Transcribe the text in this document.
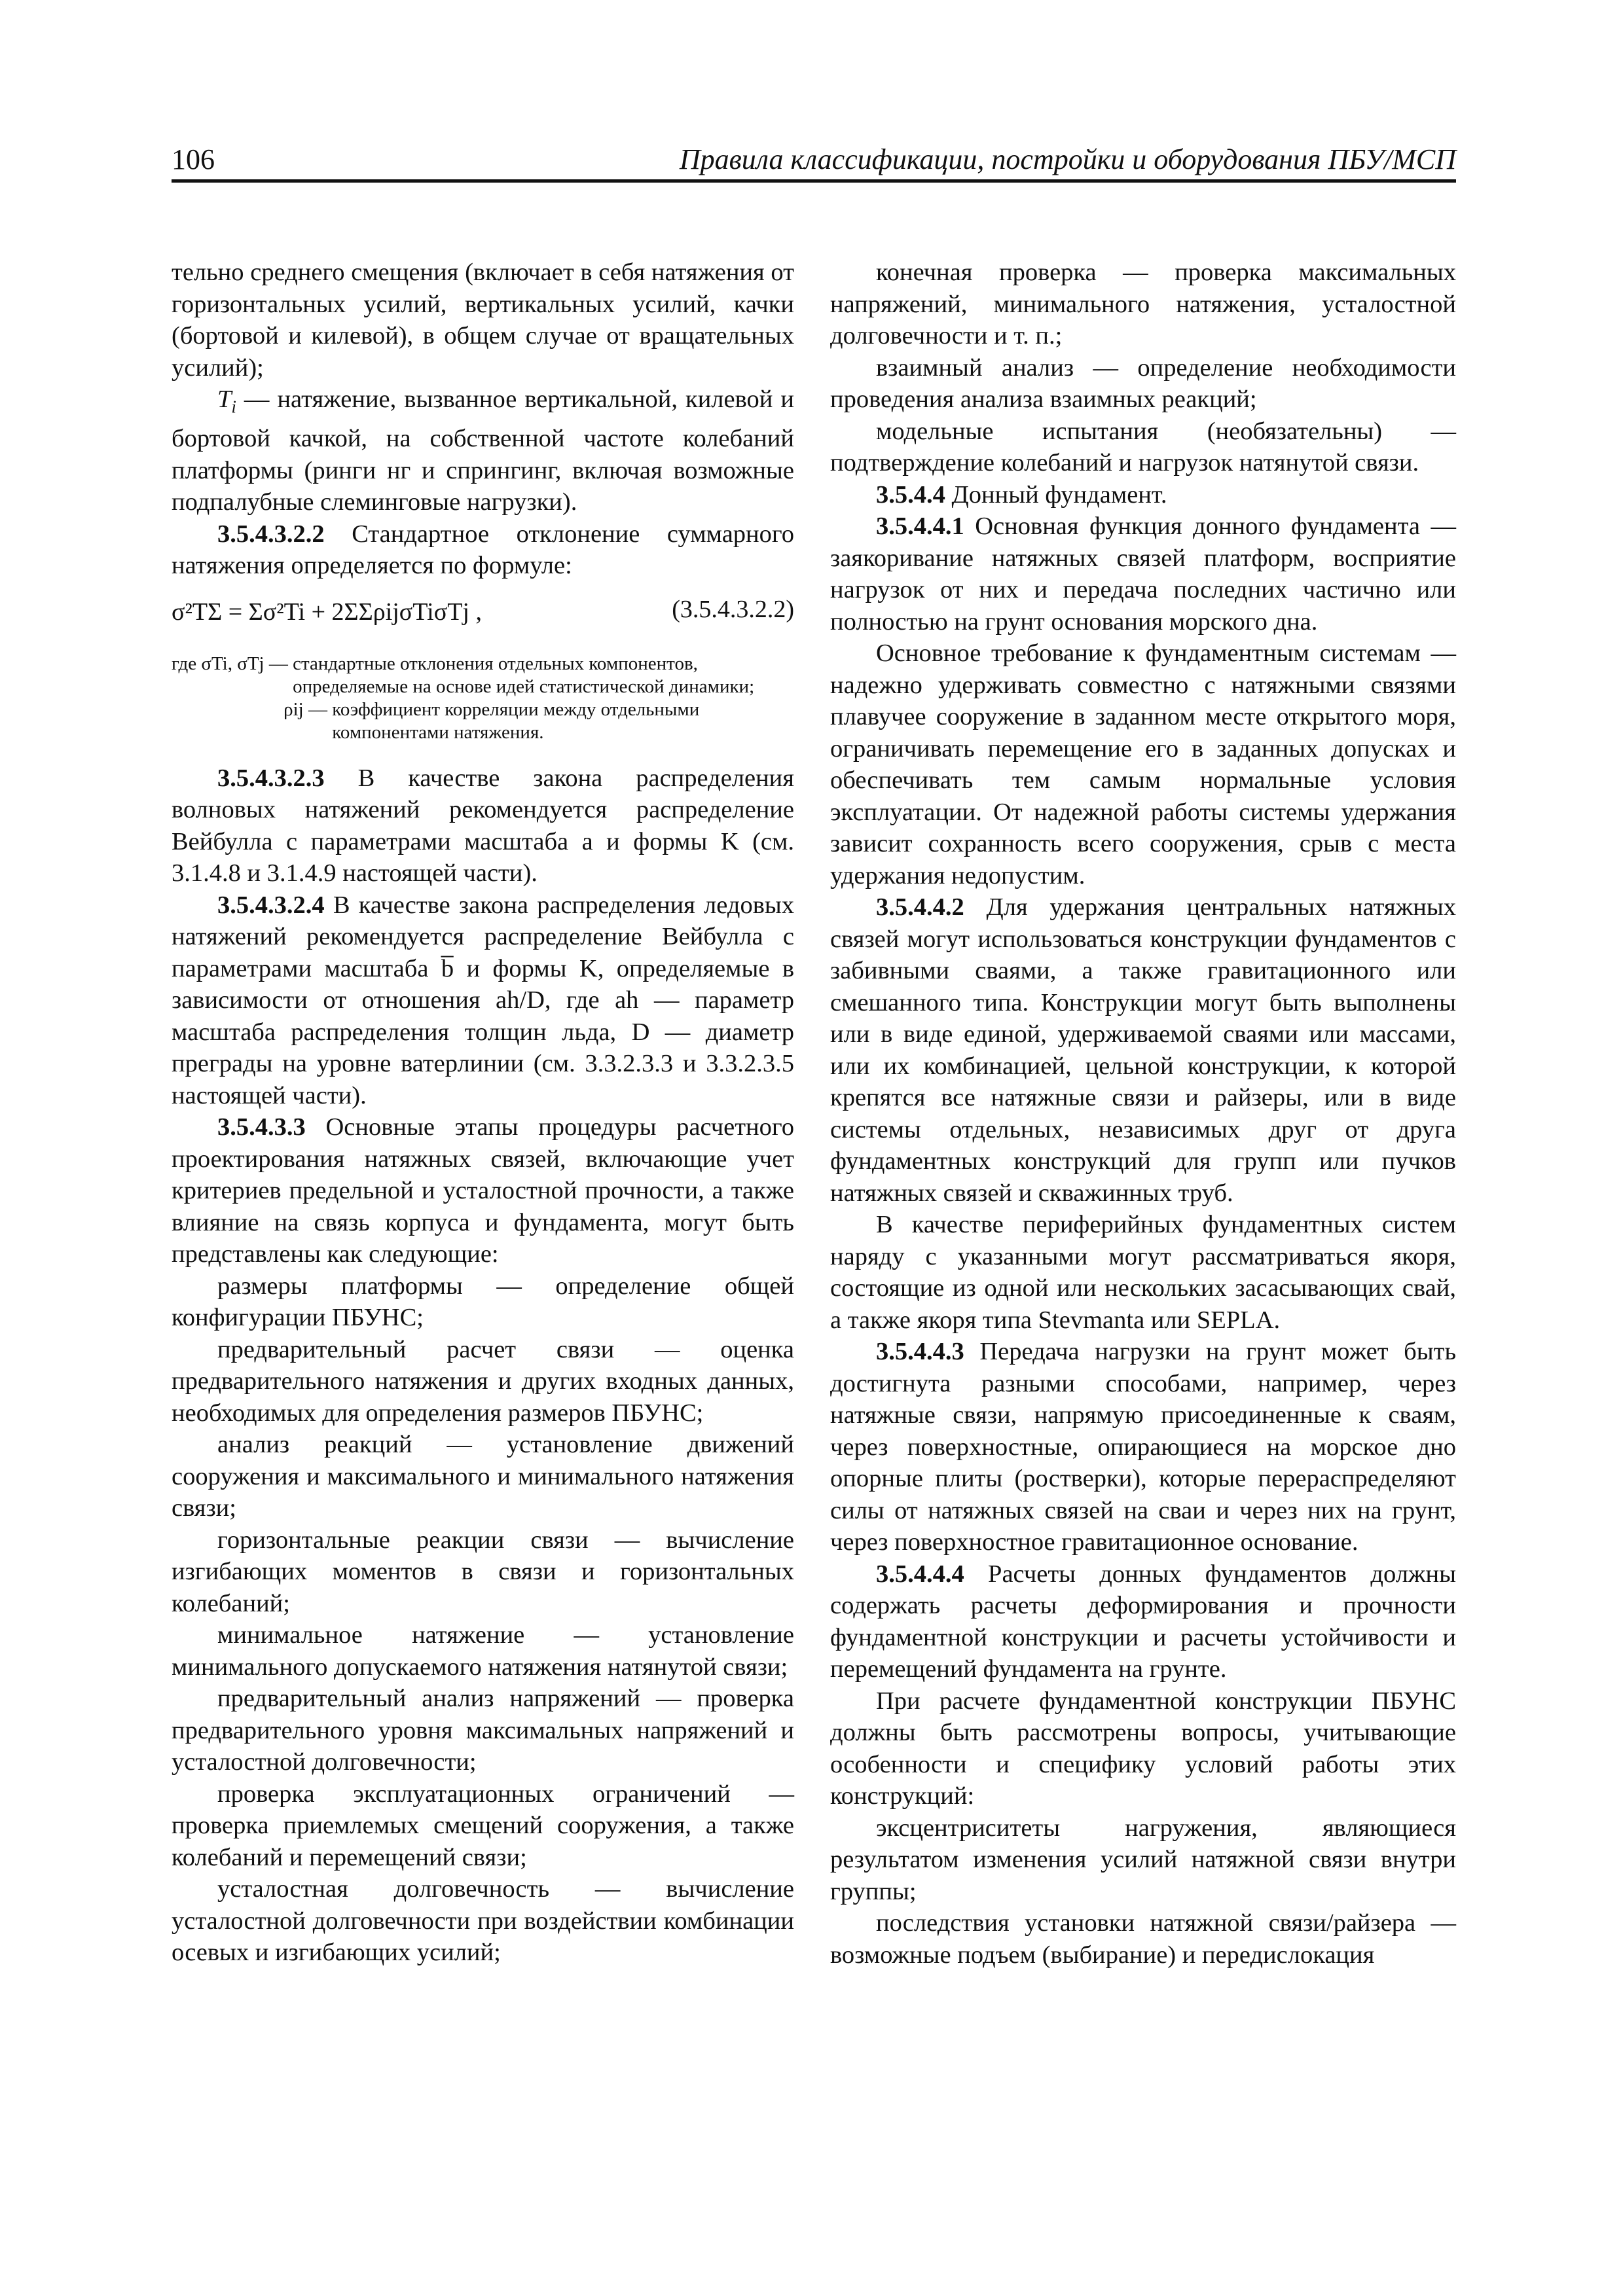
106	Правила классификации, постройки и оборудования ПБУ/МСП

тельно среднего смещения (включает в себя натяжения от горизонтальных усилий, вертикальных усилий, качки (бортовой и килевой), в общем случае от вращательных усилий);

$T_i$ — натяжение, вызванное вертикальной, килевой и бортовой качкой, на собственной частоте колебаний платформы (ринги нг и спрингинг, включая возможные подпалубные слеминговые нагрузки).

3.5.4.3.2.2 Стандартное отклонение суммарного натяжения определяется по формуле:

σ²TΣ = Σσ²Ti + 2ΣΣρijσTiσTj ,	(3.5.4.3.2.2)
где σTi, σTj —
стандартные отклонения отдельных компонентов, определяемые на основе идей статистической динамики;
ρij —
коэффициент корреляции между отдельными компонентами натяжения.

3.5.4.3.2.3 В качестве закона распределения волновых натяжений рекомендуется распределение Вейбулла с параметрами масштаба a и формы K (см. 3.1.4.8 и 3.1.4.9 настоящей части).

3.5.4.3.2.4 В качестве закона распределения ледовых натяжений рекомендуется распределение Вейбулла с параметрами масштаба b̅ и формы K, определяемые в зависимости от отношения ah/D, где ah — параметр масштаба распределения толщин льда, D — диаметр преграды на уровне ватерлинии (см. 3.3.2.3.3 и 3.3.2.3.5 настоящей части).

3.5.4.3.3 Основные этапы процедуры расчетного проектирования натяжных связей, включающие учет критериев предельной и усталостной прочности, а также влияние на связь корпуса и фундамента, могут быть представлены как следующие:

размеры платформы — определение общей конфигурации ПБУНС;

предварительный расчет связи — оценка предварительного натяжения и других входных данных, необходимых для определения размеров ПБУНС;

анализ реакций — установление движений сооружения и максимального и минимального натяжения связи;

горизонтальные реакции связи — вычисление изгибающих моментов в связи и горизонтальных колебаний;

минимальное натяжение — установление минимального допускаемого натяжения натянутой связи;

предварительный анализ напряжений — проверка предварительного уровня максимальных напряжений и усталостной долговечности;

проверка эксплуатационных ограничений — проверка приемлемых смещений сооружения, а также колебаний и перемещений связи;

усталостная долговечность — вычисление усталостной долговечности при воздействии комбинации осевых и изгибающих усилий;

конечная проверка — проверка максимальных напряжений, минимального натяжения, усталостной долговечности и т. п.;

взаимный анализ — определение необходимости проведения анализа взаимных реакций;

модельные испытания (необязательны) — подтверждение колебаний и нагрузок натянутой связи.

3.5.4.4 Донный фундамент.

3.5.4.4.1 Основная функция донного фундамента — заякоривание натяжных связей платформ, восприятие нагрузок от них и передача последних частично или полностью на грунт основания морского дна.

Основное требование к фундаментным системам — надежно удерживать совместно с натяжными связями плавучее сооружение в заданном месте открытого моря, ограничивать перемещение его в заданных допусках и обеспечивать тем самым нормальные условия эксплуатации. От надежной работы системы удержания зависит сохранность всего сооружения, срыв с места удержания недопустим.

3.5.4.4.2 Для удержания центральных натяжных связей могут использоваться конструкции фундаментов с забивными сваями, а также гравитационного или смешанного типа. Конструкции могут быть выполнены или в виде единой, удерживаемой сваями или массами, или их комбинацией, цельной конструкции, к которой крепятся все натяжные связи и райзеры, или в виде системы отдельных, независимых друг от друга фундаментных конструкций для групп или пучков натяжных связей и скважинных труб.

В качестве периферийных фундаментных систем наряду с указанными могут рассматриваться якоря, состоящие из одной или нескольких засасывающих свай, а также якоря типа Stevmanta или SEPLA.

3.5.4.4.3 Передача нагрузки на грунт может быть достигнута разными способами, например, через натяжные связи, напрямую присоединенные к сваям, через поверхностные, опирающиеся на морское дно опорные плиты (ростверки), которые перераспределяют силы от натяжных связей на сваи и через них на грунт, через поверхностное гравитационное основание.

3.5.4.4.4 Расчеты донных фундаментов должны содержать расчеты деформирования и прочности фундаментной конструкции и расчеты устойчивости и перемещений фундамента на грунте.

При расчете фундаментной конструкции ПБУНС должны быть рассмотрены вопросы, учитывающие особенности и специфику условий работы этих конструкций:

эксцентриситеты нагружения, являющиеся результатом изменения усилий натяжной связи внутри группы;

последствия установки натяжной связи/райзера — возможные подъем (выбирание) и передислокация
